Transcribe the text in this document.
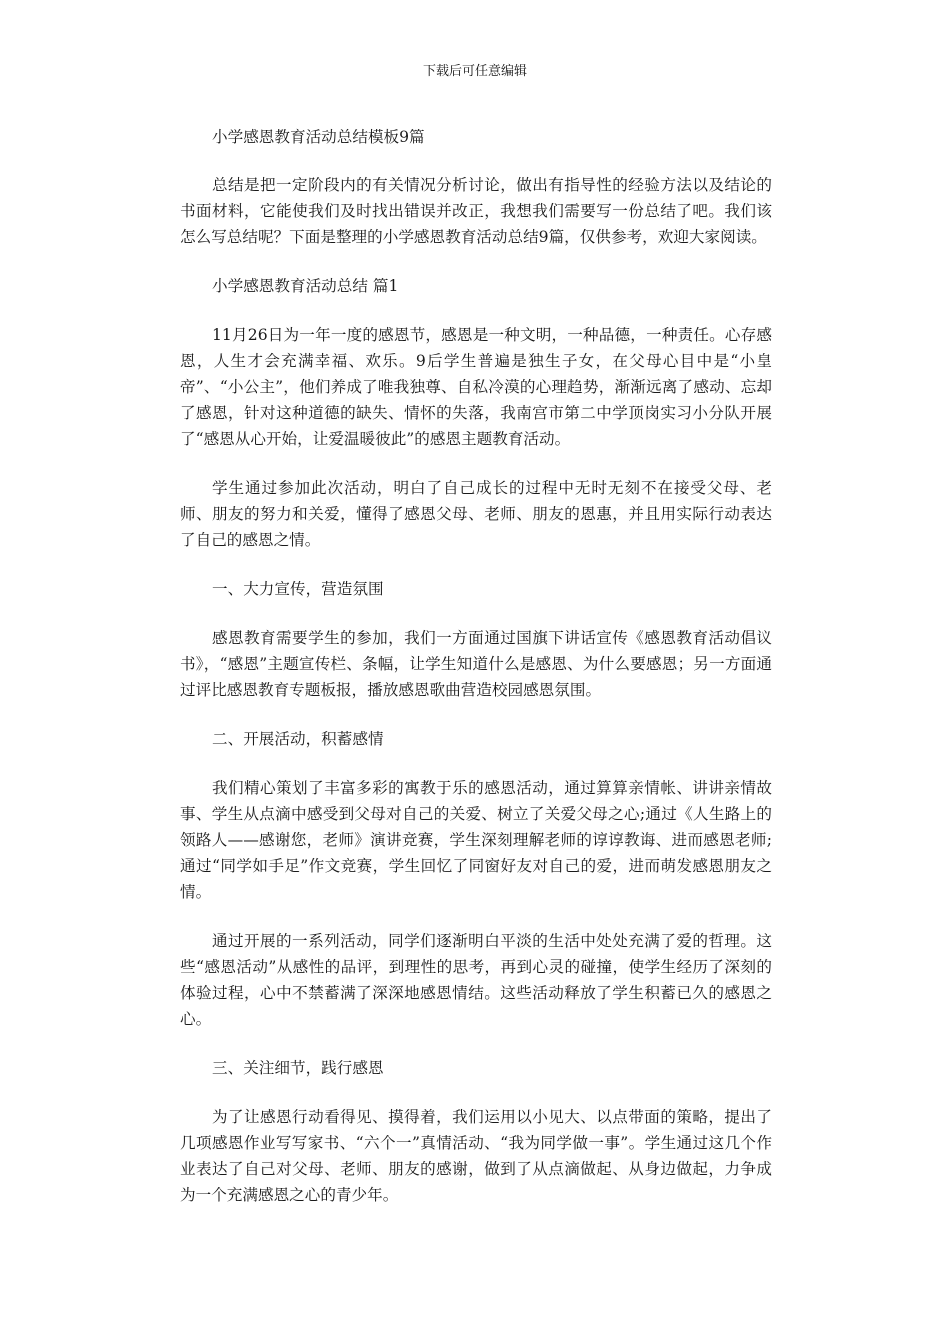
下载后可任意编辑
小学感恩教育活动总结模板9篇

总结是把一定阶段内的有关情况分析讨论，做出有指导性的经验方法以及结论的书面材料，它能使我们及时找出错误并改正，我想我们需要写一份总结了吧。我们该怎么写总结呢？下面是整理的小学感恩教育活动总结9篇，仅供参考，欢迎大家阅读。

小学感恩教育活动总结 篇1

11月26日为一年一度的感恩节，感恩是一种文明，一种品德，一种责任。心存感恩，人生才会充满幸福、欢乐。9后学生普遍是独生子女，在父母心目中是“小皇帝”、“小公主”，他们养成了唯我独尊、自私冷漠的心理趋势，渐渐远离了感动、忘却了感恩，针对这种道德的缺失、情怀的失落，我南宫市第二中学顶岗实习小分队开展了“感恩从心开始，让爱温暖彼此”的感恩主题教育活动。

学生通过参加此次活动，明白了自己成长的过程中无时无刻不在接受父母、老师、朋友的努力和关爱，懂得了感恩父母、老师、朋友的恩惠，并且用实际行动表达了自己的感恩之情。

一、大力宣传，营造氛围

感恩教育需要学生的参加，我们一方面通过国旗下讲话宣传《感恩教育活动倡议书》，“感恩”主题宣传栏、条幅，让学生知道什么是感恩、为什么要感恩；另一方面通过评比感恩教育专题板报，播放感恩歌曲营造校园感恩氛围。

二、开展活动，积蓄感情

我们精心策划了丰富多彩的寓教于乐的感恩活动，通过算算亲情帐、讲讲亲情故事、学生从点滴中感受到父母对自己的关爱、树立了关爱父母之心;通过《人生路上的领路人——感谢您，老师》演讲竞赛，学生深刻理解老师的谆谆教诲、进而感恩老师;通过“同学如手足”作文竞赛，学生回忆了同窗好友对自己的爱，进而萌发感恩朋友之情。

通过开展的一系列活动，同学们逐渐明白平淡的生活中处处充满了爱的哲理。这些“感恩活动”从感性的品评，到理性的思考，再到心灵的碰撞，使学生经历了深刻的体验过程，心中不禁蓄满了深深地感恩情结。这些活动释放了学生积蓄已久的感恩之心。

三、关注细节，践行感恩

为了让感恩行动看得见、摸得着，我们运用以小见大、以点带面的策略，提出了几项感恩作业写写家书、“六个一”真情活动、“我为同学做一事”。学生通过这几个作业表达了自己对父母、老师、朋友的感谢，做到了从点滴做起、从身边做起，力争成为一个充满感恩之心的青少年。
